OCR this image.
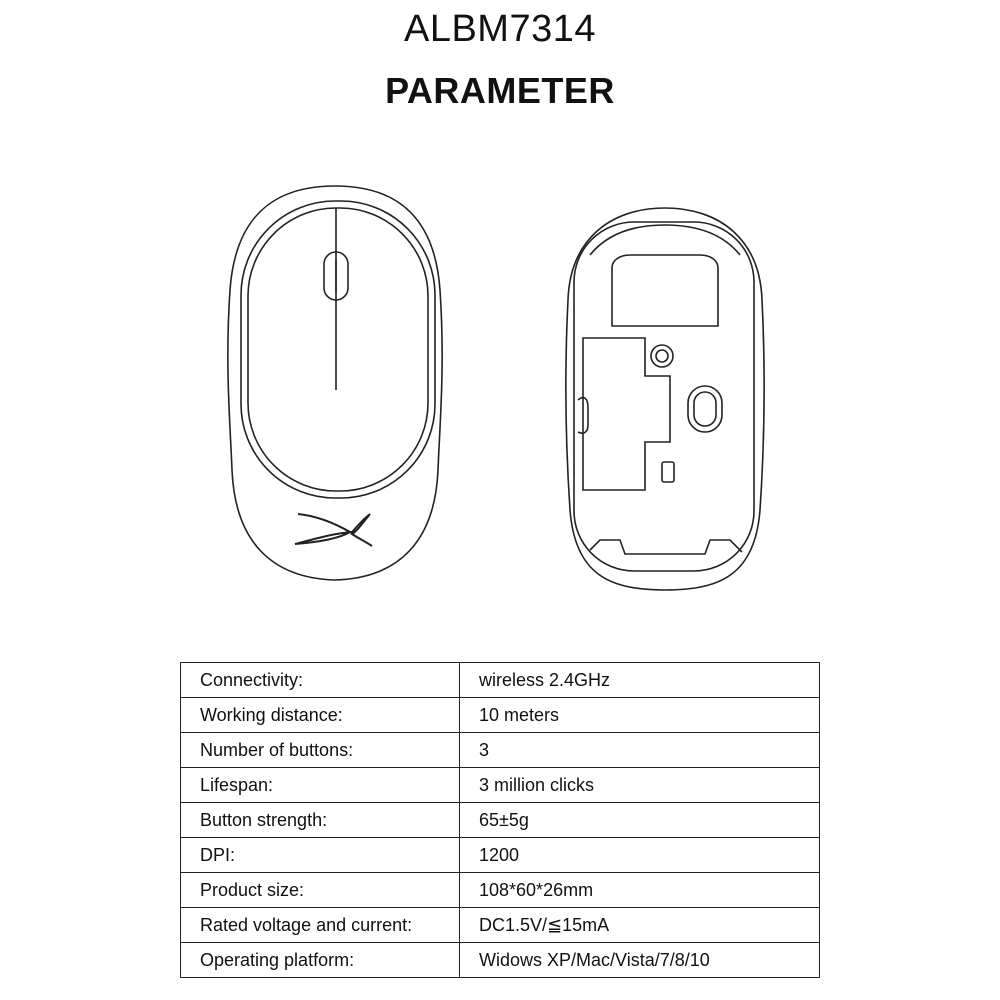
ALBM7314
PARAMETER
Connectivity:	wireless 2.4GHz
Working distance:	10 meters
Number of buttons:	3
Lifespan:	3 million clicks
Button strength:	65±5g
DPI:	1200
Product size:	108*60*26mm
Rated voltage and current:	DC1.5V/≦15mA
Operating platform:	Widows XP/Mac/Vista/7/8/10
